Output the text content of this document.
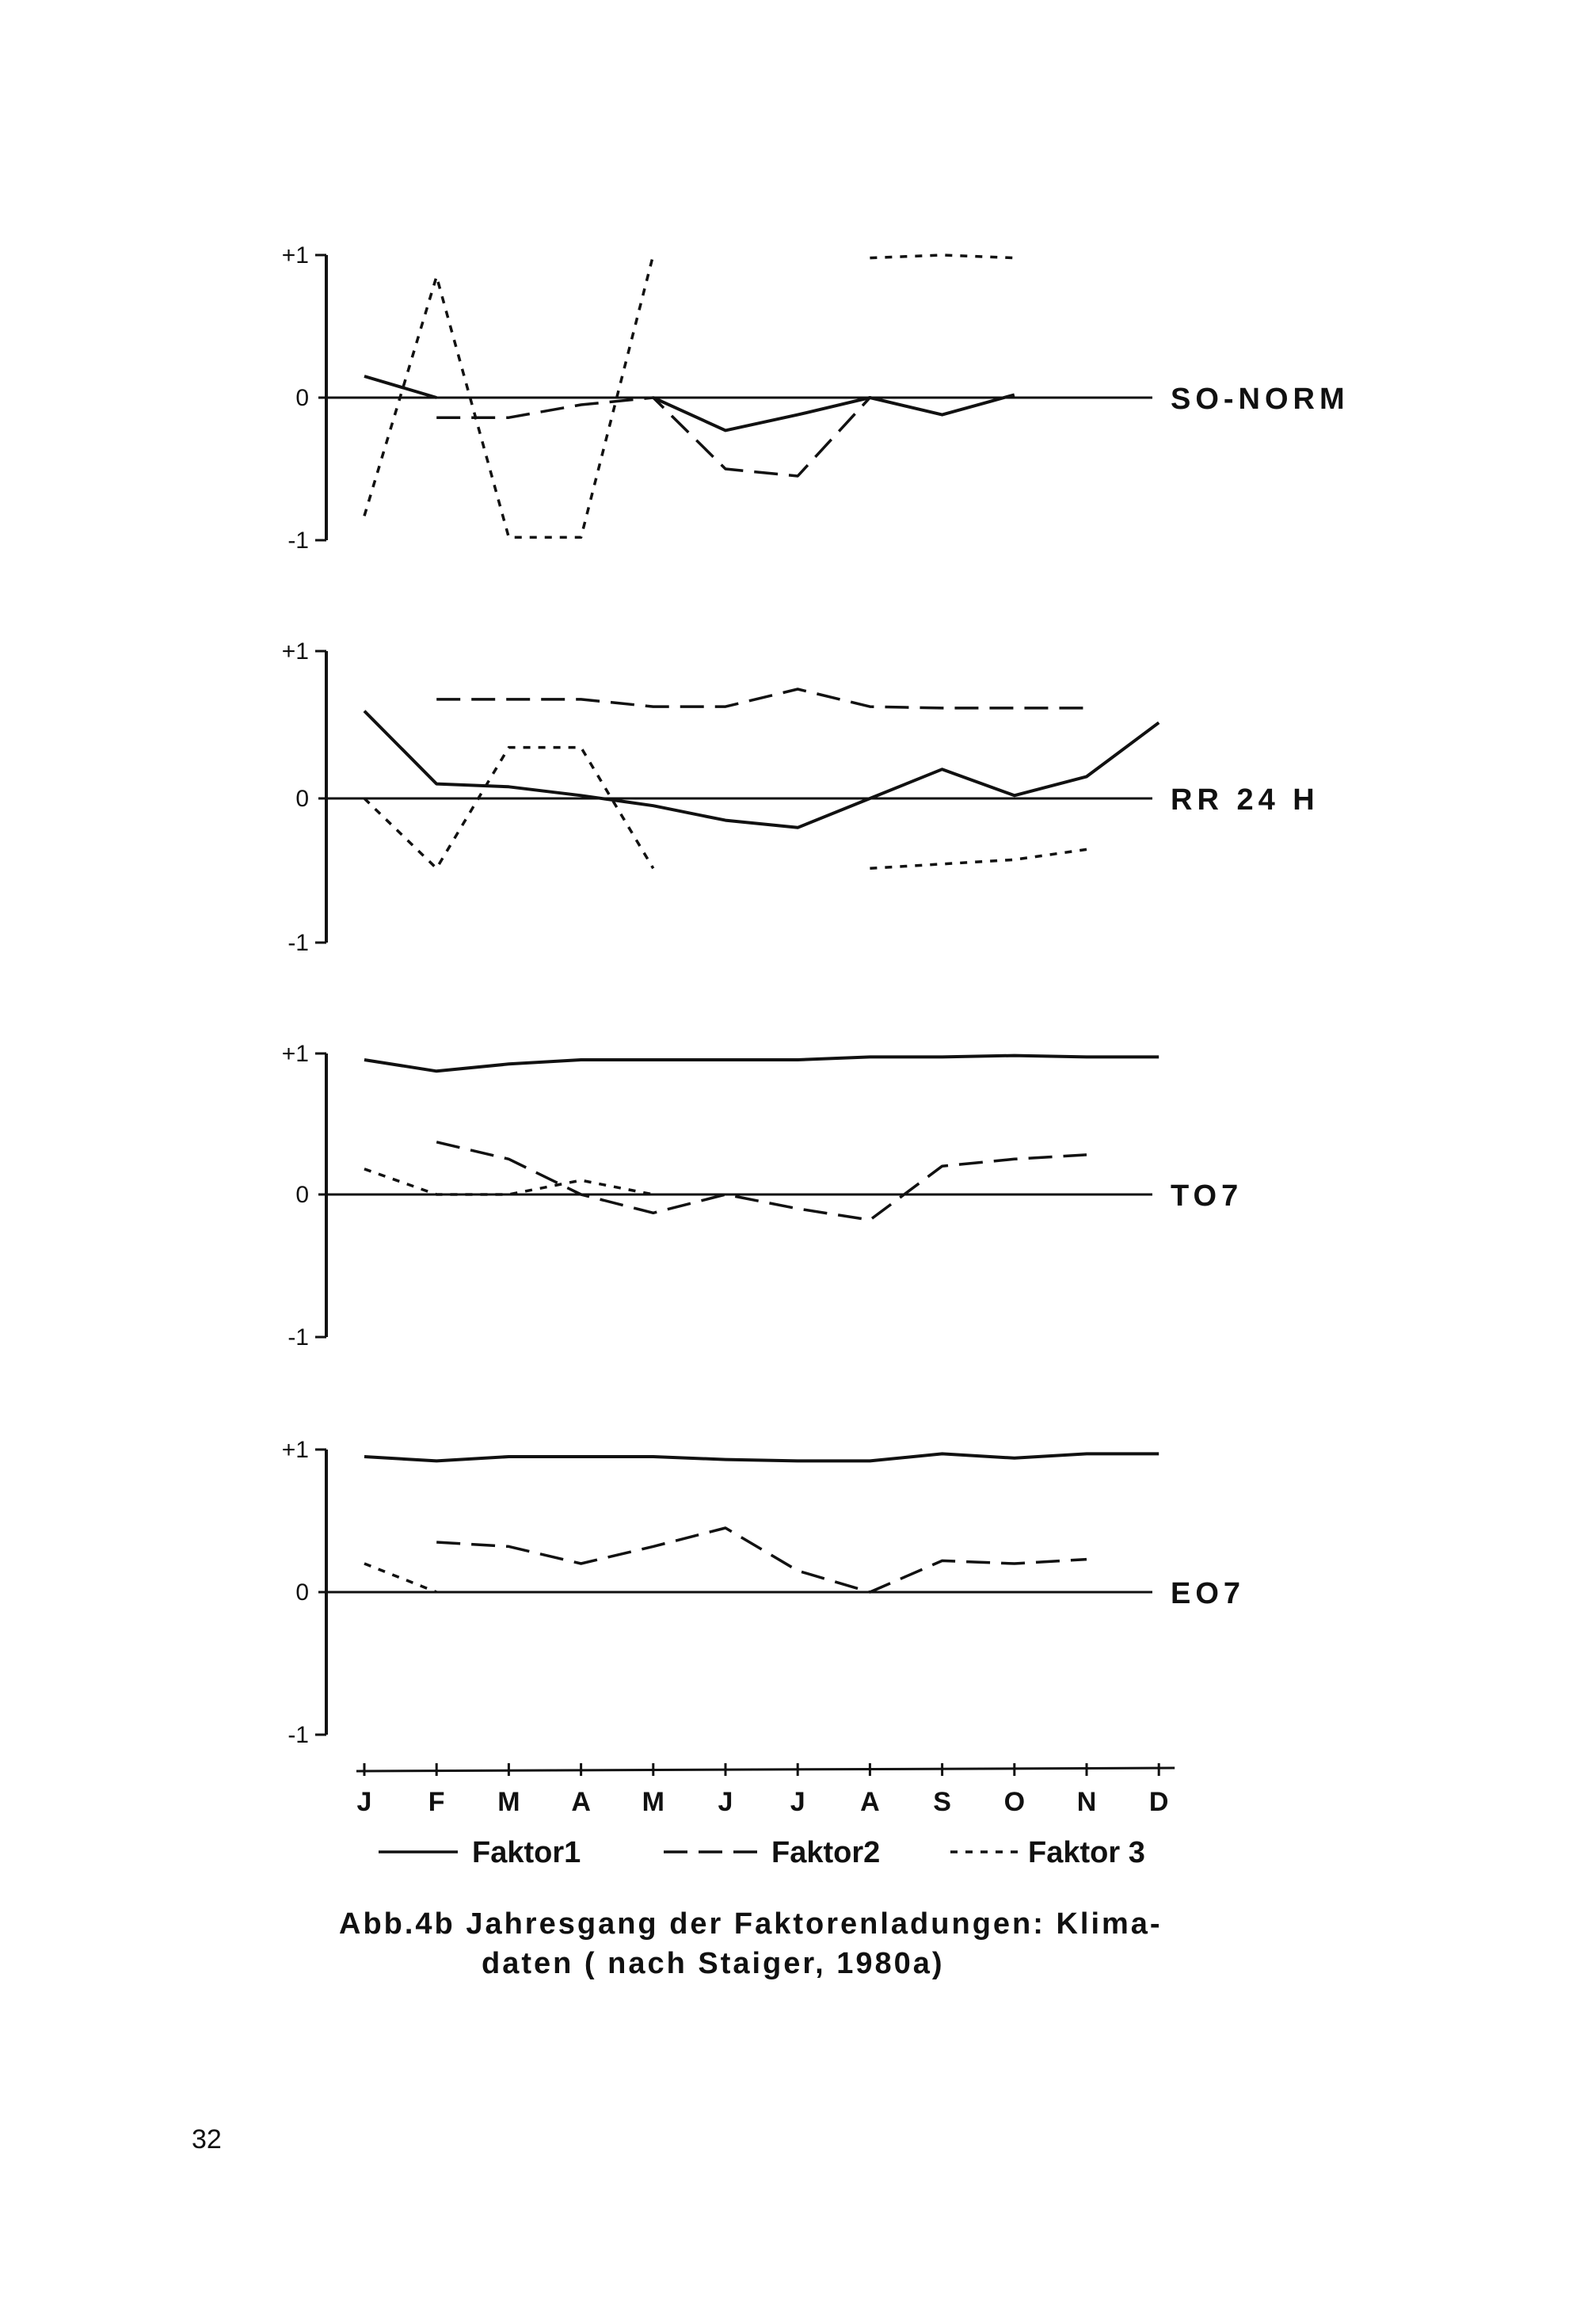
+1
0
-1
SO-NORM
+1
0
-1
RR 24 H
+1
0
-1
TO7
+1
0
-1
EO7
J F M A M J J A S O N D
Faktor1	Faktor2	Faktor 3
Abb.4b Jahresgang der Faktorenladungen: Klima-
daten ( nach Staiger, 1980a)
32
